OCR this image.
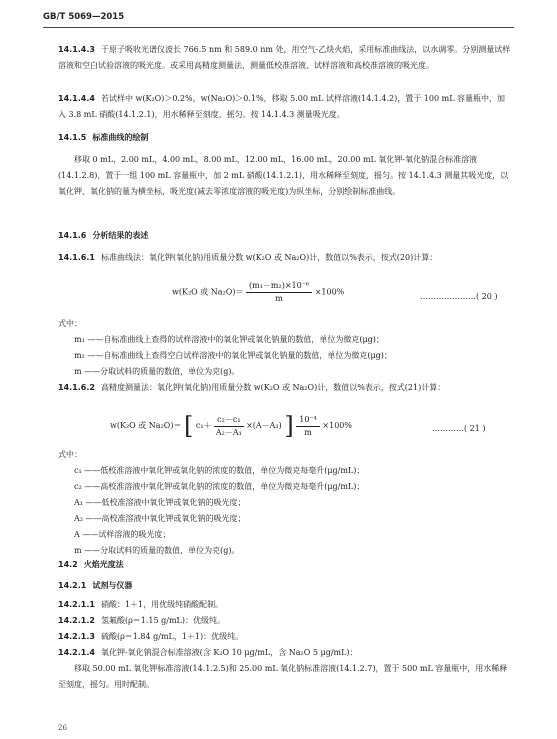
GB/T 5069—2015
14.1.4.3 于原子吸收光谱仪波长 766.5 nm 和 589.0 nm 处，用空气-乙炔火焰，采用标准曲线法，以水调零。分别测量试样溶液和空白试验溶液的吸光度。或采用高精度测量法，测量低校准溶液、试样溶液和高校准溶液的吸光度。
14.1.4.4 若试样中 w(K₂O)＞0.2%，w(Na₂O)＞0.1%，移取 5.00 mL 试样溶液(14.1.4.2)，置于 100 mL 容量瓶中，加入 3.8 mL 硝酸(14.1.2.1)，用水稀释至刻度，摇匀。按 14.1.4.3 测量吸光度。
14.1.5 标准曲线的绘制
移取 0 mL，2.00 mL，4.00 mL，8.00 mL，12.00 mL，16.00 mL，20.00 mL 氧化钾-氧化钠混合标准溶液(14.1.2.8)，置于一组 100 mL 容量瓶中，加 2 mL 硝酸(14.1.2.1)，用水稀释至刻度，摇匀。按 14.1.4.3 测量其吸光度，以氧化钾、氧化钠的量为横坐标，吸光度(减去零浓度溶液的吸光度)为纵坐标，分别绘制标准曲线。
14.1.6 分析结果的表述
14.1.6.1 标准曲线法：氧化钾(氧化钠)用质量分数 w(K₂O 或 Na₂O)计，数值以%表示，按式(20)计算：
w(K₂O 或 $Na_2O)= \frac{\text{(m₁－m₂)×10⁻⁶}}{m} \times 100\%$	…………………( 20 )
式中：
m₁ ——自标准曲线上查得的试样溶液中的氧化钾或氧化钠量的数值，单位为微克(μg)；
m₂ ——自标准曲线上查得空白试样溶液中的氧化钾或氧化钠量的数值，单位为微克(μg)；
m ——分取试料的质量的数值，单位为克(g)。
14.1.6.2 高精度测量法：氧化钾(氧化钠)用质量分数 w(K₂O 或 Na₂O)计，数值以%表示，按式(21)计算：
w(K₂O 或 Na₂O)＝ [ $c_1+ \frac{\text{c₂－c₁}}{\text{A₂－A₁}} \times(A-A_1)$ ] $\frac{\text{10⁻⁴}}{m} \times 100\%$	…………( 21 )
式中：
c₁ ——低校准溶液中氧化钾或氧化钠的浓度的数值，单位为微克每毫升(μg/mL)；
c₂ ——高校准溶液中氧化钾或氧化钠的浓度的数值，单位为微克每毫升(μg/mL)；
A₁ ——低校准溶液中氧化钾或氧化钠的吸光度；
A₂ ——高校准溶液中氧化钾或氧化钠的吸光度；
A ——试样溶液的吸光度；
m ——分取试料的质量的数值，单位为克(g)。
14.2 火焰光度法
14.2.1 试剂与仪器
14.2.1.1 硝酸：1＋1，用优级纯硝酸配制。
14.2.1.2 氢氟酸(ρ＝1.15 g/mL)：优级纯。
14.2.1.3 硫酸(ρ＝1.84 g/mL，1＋1)：优级纯。
14.2.1.4 氧化钾-氧化钠混合标准溶液(含 K₂O 10 μg/mL，含 Na₂O 5 μg/mL)：
移取 50.00 mL 氧化钾标准溶液(14.1.2.5)和 25.00 mL 氧化钠标准溶液(14.1.2.7)，置于 500 mL 容量瓶中，用水稀释至刻度，摇匀。用时配制。
26
